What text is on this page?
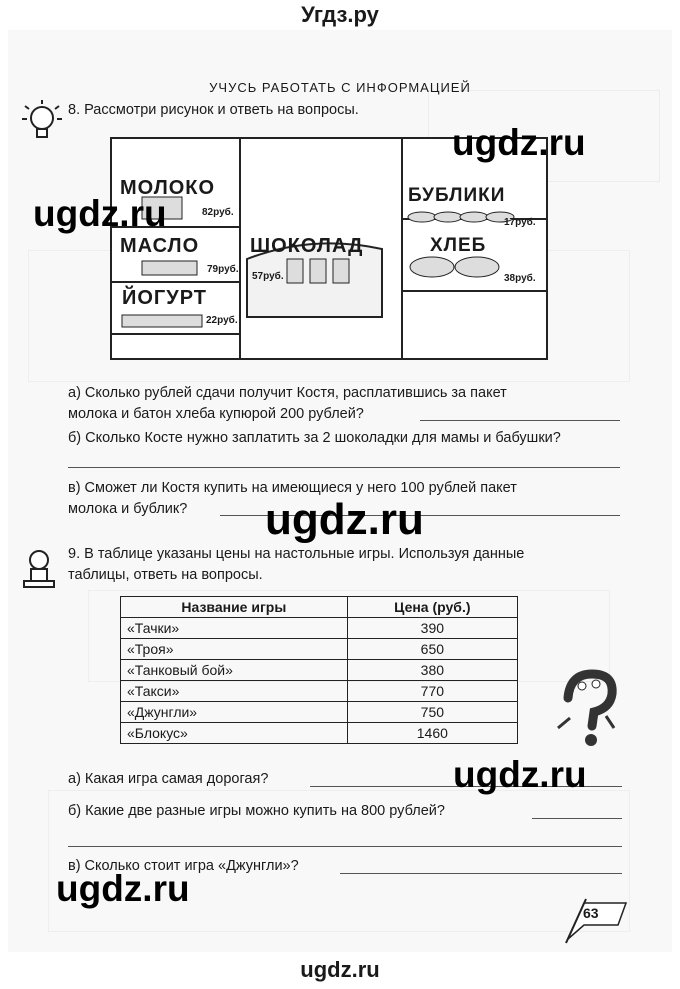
Угдз.ру
УЧУСЬ РАБОТАТЬ С ИНФОРМАЦИЕЙ
8. Рассмотри рисунок и ответь на вопросы.
МОЛОКО
82руб.
МАСЛО
79руб.
ЙОГУРТ
22руб.
ШОКОЛАД
57руб.
БУБЛИКИ
17руб.
ХЛЕБ
38руб.
ugdz.ru
ugdz.ru
а) Сколько рублей сдачи получит Костя, расплатившись за пакет
молока и батон хлеба купюрой 200 рублей?
б) Сколько Косте нужно заплатить за 2 шоколадки для мамы и бабушки?
в) Сможет ли Костя купить на имеющиеся у него 100 рублей пакет
молока и бублик? ugdz.ru
9. В таблице указаны цены на настольные игры. Используя данные
таблицы, ответь на вопросы.
Название игры	Цена (руб.)
«Тачки»	390
«Троя»	650
«Танковый бой»	380
«Такси»	770
«Джунгли»	750
«Блокус»	1460
а) Какая игра самая дорогая?	ugdz.ru
б) Какие две разные игры можно купить на 800 рублей?
в) Сколько стоит игра «Джунгли»?
ugdz.ru
63
ugdz.ru
